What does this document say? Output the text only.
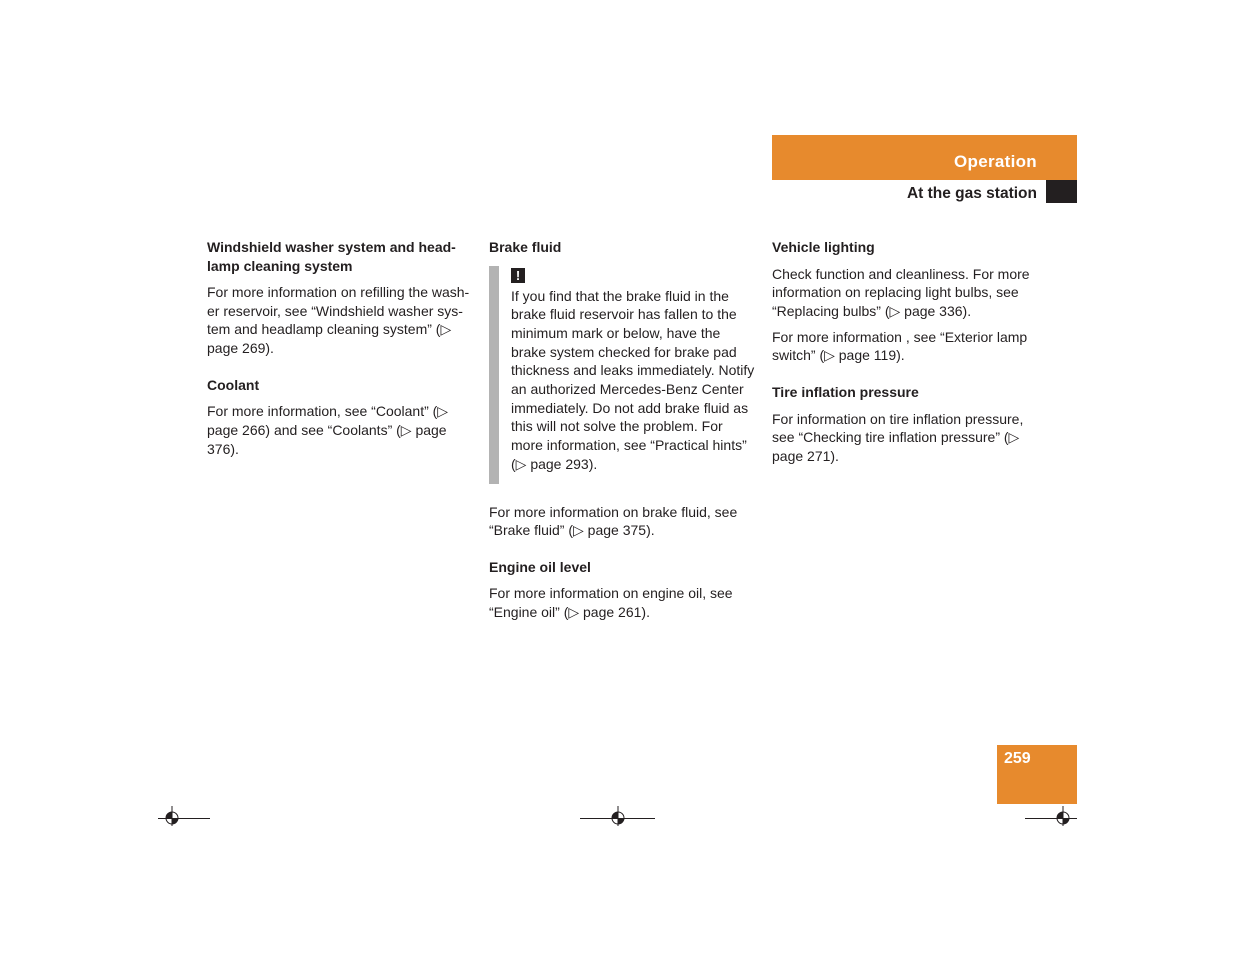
Operation
At the gas station
Windshield washer system and head-lamp cleaning system

For more information on refilling the wash-er reservoir, see “Windshield washer sys-tem and headlamp cleaning system” (▷ page 269).

Coolant

For more information, see “Coolant” (▷ page 266) and see “Coolants” (▷ page 376).

Brake fluid
!

If you find that the brake fluid in the brake fluid reservoir has fallen to the minimum mark or below, have the brake system checked for brake pad thickness and leaks immediately. Notify an authorized Mercedes-Benz Center immediately. Do not add brake fluid as this will not solve the problem. For more information, see “Practical hints” (▷ page 293).

For more information on brake fluid, see “Brake fluid” (▷ page 375).

Engine oil level

For more information on engine oil, see “Engine oil” (▷ page 261).

Vehicle lighting

Check function and cleanliness. For more information on replacing light bulbs, see “Replacing bulbs” (▷ page 336).

For more information , see “Exterior lamp switch” (▷ page 119).

Tire inflation pressure

For information on tire inflation pressure, see “Checking tire inflation pressure” (▷ page 271).

259
